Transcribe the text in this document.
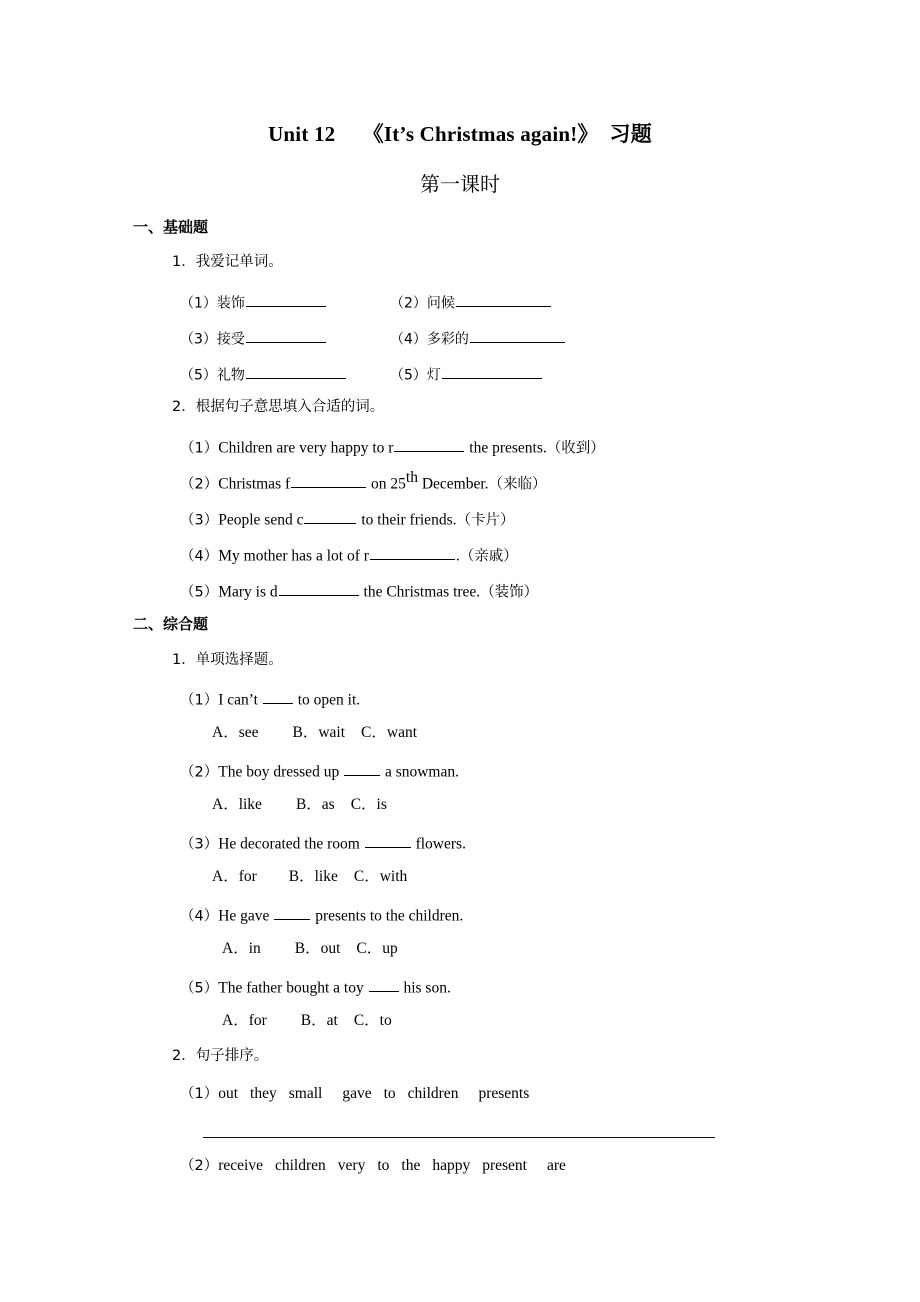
Unit 12     《It’s Christmas again!》  习题
第一课时
一、基础题
1．我爱记单词。
（1）装饰	（2）问候
（3）接受	（4）多彩的
（5）礼物	（5）灯
2．根据句子意思填入合适的词。
（1）Children are very happy to r	the presents.（收到）
（2）Christmas f	on 25th December.（来临）
（3）People send c	to their friends.（卡片）
（4）My mother has a lot of r	.（亲戚）
（5）Mary is d	the Christmas tree.（装饰）
二、综合题
1．单项选择题。
（1）I can’t  to open it.
A．see B．wait C．want
（2）The boy dressed up  a snowman.
A．like B．as C．is
（3）He decorated the room	flowers.
A．for B．like C．with
（4）He gave  presents to the children.
A．in B．out C．up
（5）The father bought a toy  his son.
A．for B．at C．to
2．句子排序。
（1）out they small gave to children presents
（2）receive children very to the happy present are
